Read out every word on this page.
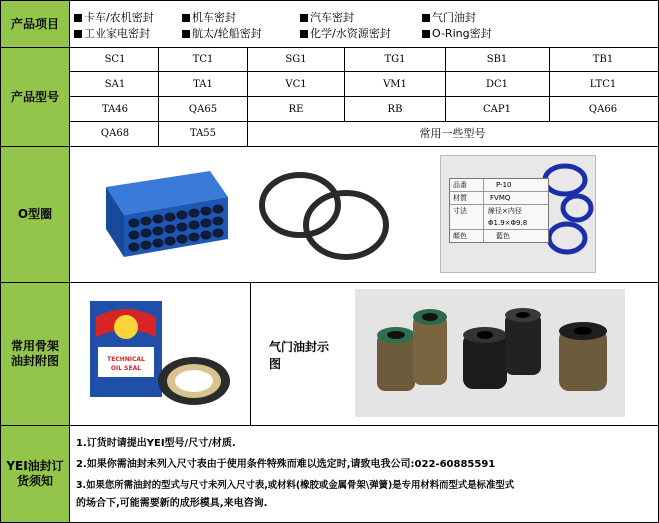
产品项目	卡车/农机密封	机车密封	汽车密封	气门油封
工业家电密封	航太/轮船密封	化学/水资源密封	O-Ring密封
产品型号
SC1	TC1	SG1	TG1	SB1	TB1
SA1	TA1	VC1	VM1	DC1	LTC1
TA46	QA65	RE	RB	CAP1	QA66
QA68	TA55	常用一些型号
O型圈
品番	P-10
材質	FVMQ
寸法	線径×内径
Φ1.9×Φ9.8
顏色	藍色
常用骨架油封附图	TECHNICAL
OIL SEAL
气门油封示图
YEI油封订货须知
1.订货时请提出YEI型号/尺寸/材质.
2.如果你需油封未列入尺寸表由于使用条件特殊而难以选定时,请致电我公司:022-60885591
3.如果您所需油封的型式与尺寸未列入尺寸表,或材料(橡胶或金属骨架\弹簧)是专用材料而型式是标准型式
的场合下,可能需要新的成形模具,来电咨询.
